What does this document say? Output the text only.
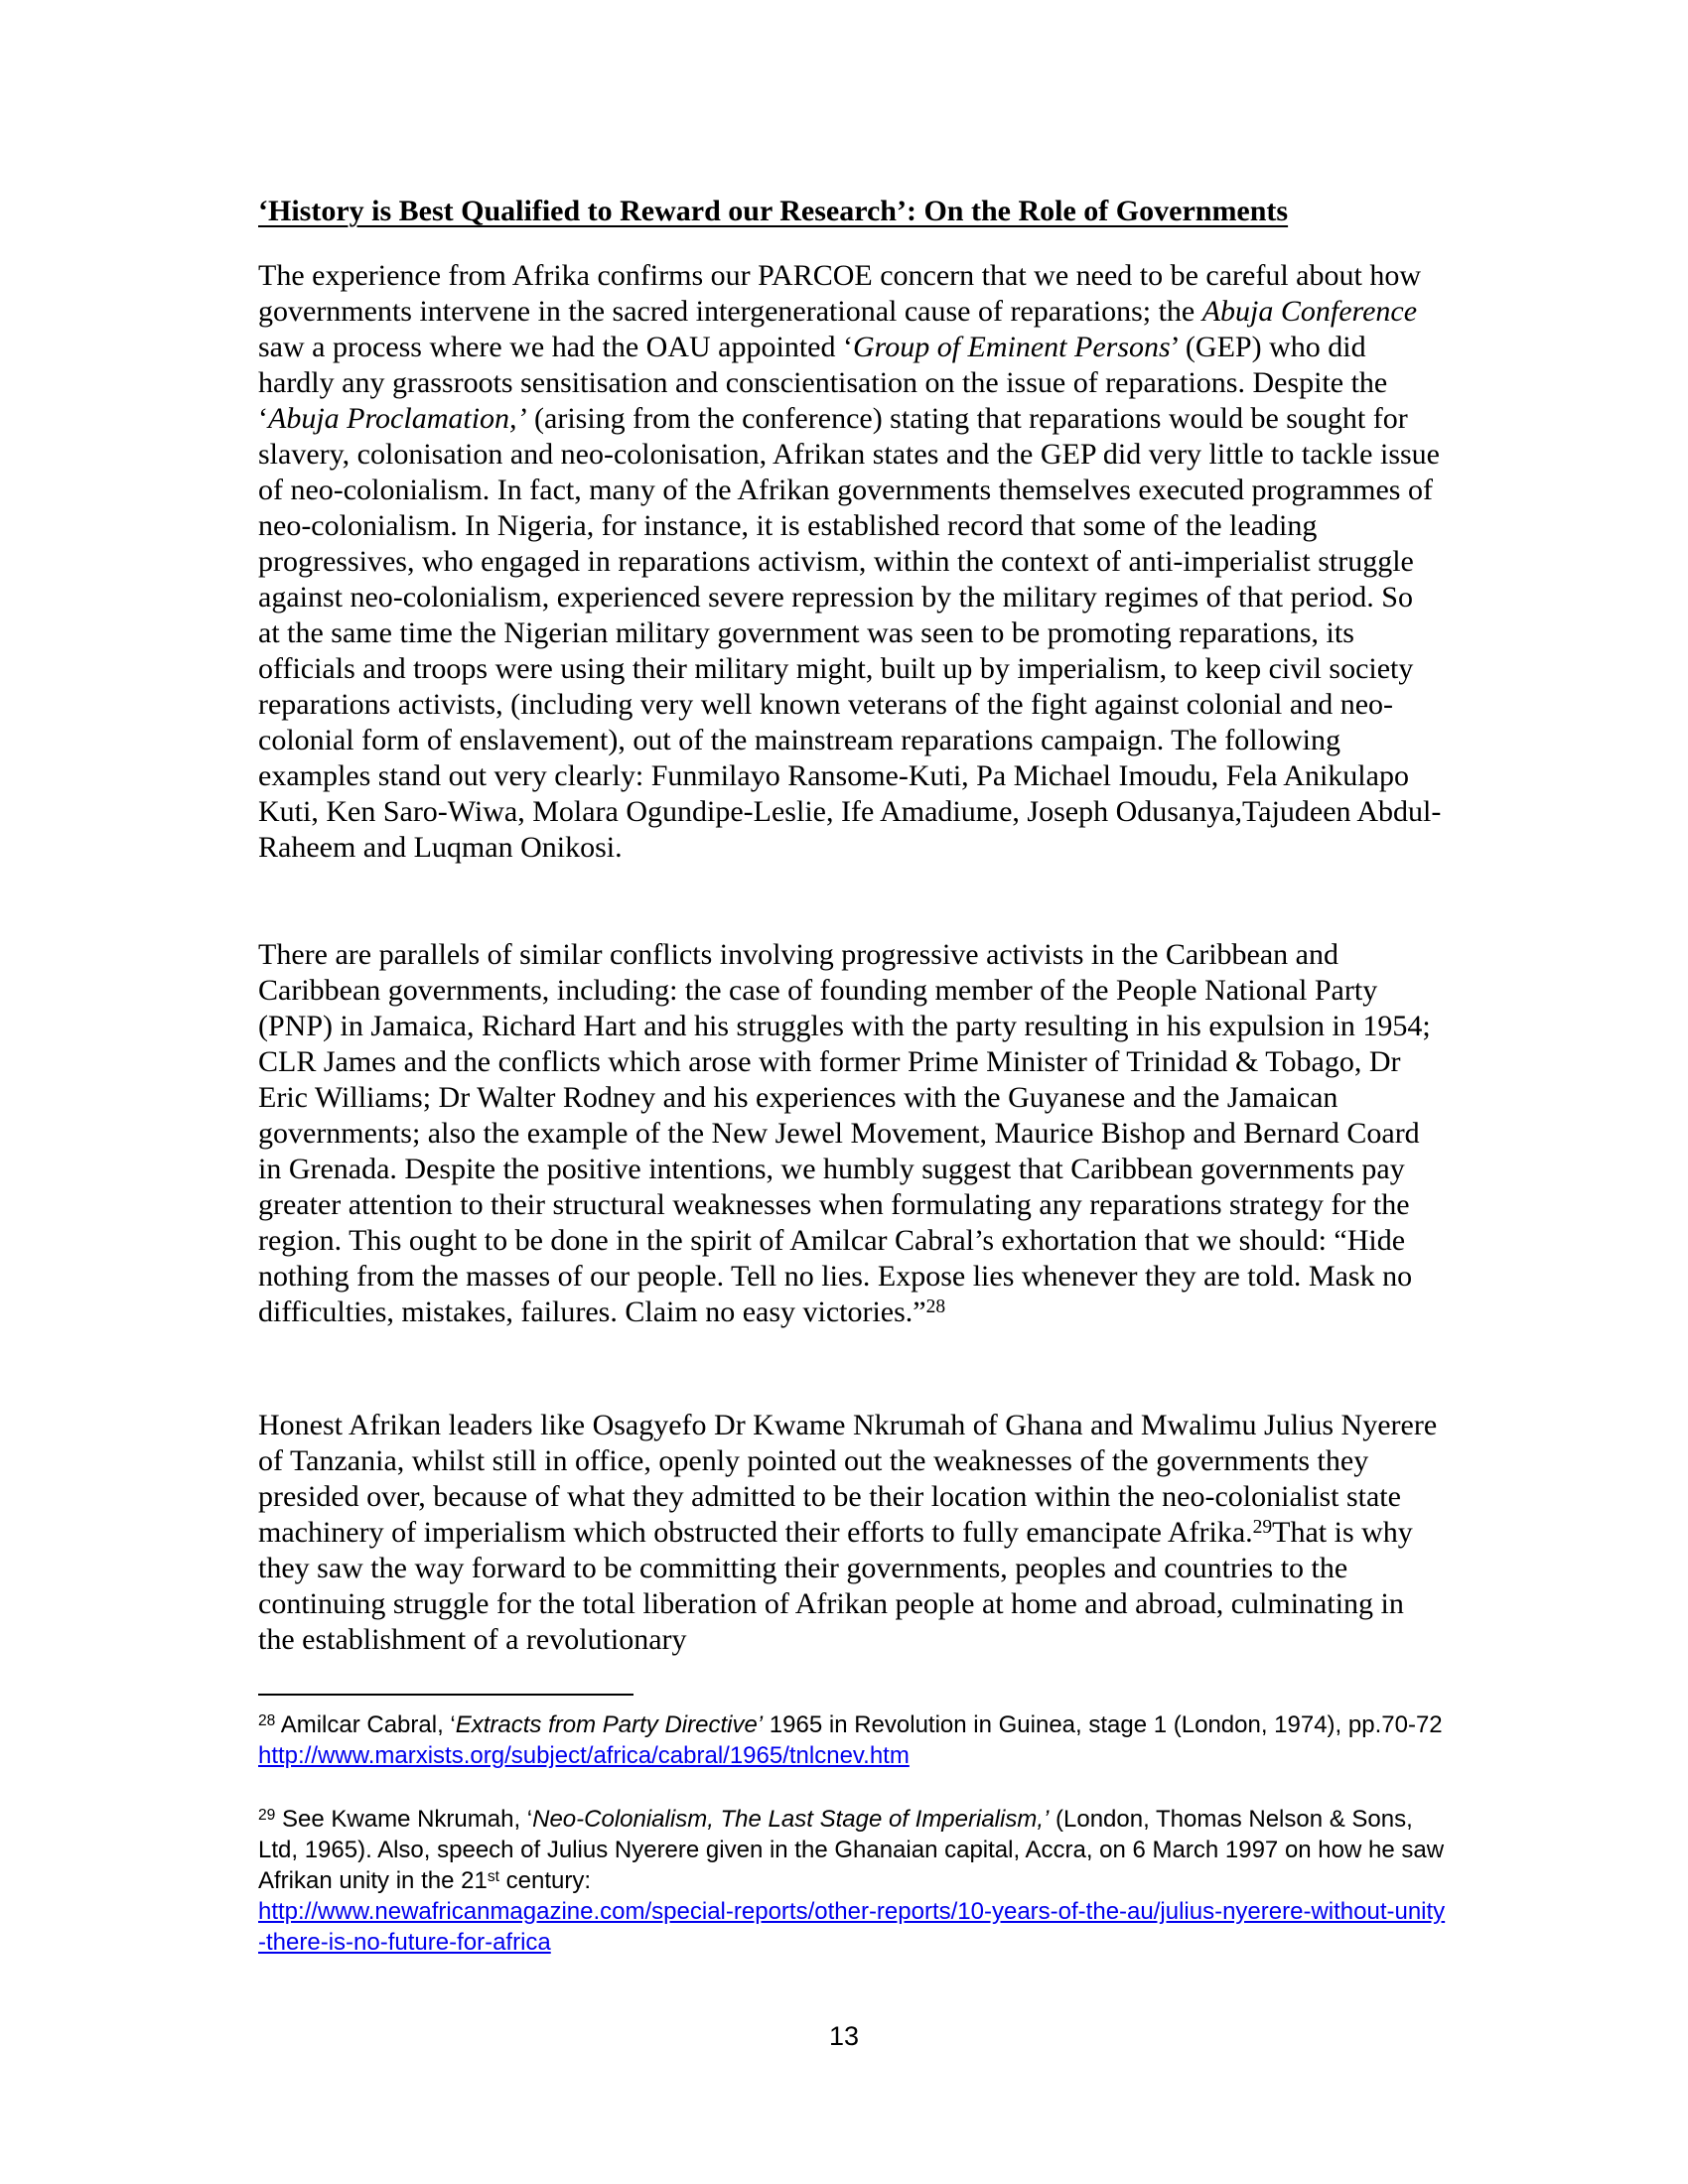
‘History is Best Qualified to Reward our Research’: On the Role of Governments

The experience from Afrika confirms our PARCOE concern that we need to be careful about how governments intervene in the sacred intergenerational cause of reparations; the Abuja Conference saw a process where we had the OAU appointed ‘Group of Eminent Persons’ (GEP) who did hardly any grassroots sensitisation and conscientisation on the issue of reparations. Despite the ‘Abuja Proclamation,’ (arising from the conference) stating that reparations would be sought for slavery, colonisation and neo-colonisation, Afrikan states and the GEP did very little to tackle issue of neo-colonialism. In fact, many of the Afrikan governments themselves executed programmes of neo-colonialism. In Nigeria, for instance, it is established record that some of the leading progressives, who engaged in reparations activism, within the context of anti-imperialist struggle against neo-colonialism, experienced severe repression by the military regimes of that period. So at the same time the Nigerian military government was seen to be promoting reparations, its officials and troops were using their military might, built up by imperialism, to keep civil society reparations activists, (including very well known veterans of the fight against colonial and neo-colonial form of enslavement), out of the mainstream reparations campaign. The following examples stand out very clearly: Funmilayo Ransome-Kuti, Pa Michael Imoudu, Fela Anikulapo Kuti, Ken Saro-Wiwa, Molara Ogundipe-Leslie, Ife Amadiume, Joseph Odusanya,Tajudeen Abdul-Raheem and Luqman Onikosi.

There are parallels of similar conflicts involving progressive activists in the Caribbean and Caribbean governments, including: the case of founding member of the People National Party (PNP) in Jamaica, Richard Hart and his struggles with the party resulting in his expulsion in 1954; CLR James and the conflicts which arose with former Prime Minister of Trinidad & Tobago, Dr Eric Williams; Dr Walter Rodney and his experiences with the Guyanese and the Jamaican governments; also the example of the New Jewel Movement, Maurice Bishop and Bernard Coard in Grenada. Despite the positive intentions, we humbly suggest that Caribbean governments pay greater attention to their structural weaknesses when formulating any reparations strategy for the region. This ought to be done in the spirit of Amilcar Cabral’s exhortation that we should: “Hide nothing from the masses of our people. Tell no lies. Expose lies whenever they are told. Mask no difficulties, mistakes, failures. Claim no easy victories.”$^{28}$

Honest Afrikan leaders like Osagyefo Dr Kwame Nkrumah of Ghana and Mwalimu Julius Nyerere of Tanzania, whilst still in office, openly pointed out the weaknesses of the governments they presided over, because of what they admitted to be their location within the neo-colonialist state machinery of imperialism which obstructed their efforts to fully emancipate Afrika.$^{29}$That is why they saw the way forward to be committing their governments, peoples and countries to the continuing struggle for the total liberation of Afrikan people at home and abroad, culminating in the establishment of a revolutionary

$^{28}$ Amilcar Cabral, ‘Extracts from Party Directive’ 1965 in Revolution in Guinea, stage 1 (London, 1974), pp.70-72
http://www.marxists.org/subject/africa/cabral/1965/tnlcnev.htm
$^{29}$ See Kwame Nkrumah, ‘Neo-Colonialism, The Last Stage of Imperialism,’ (London, Thomas Nelson & Sons, Ltd, 1965). Also, speech of Julius Nyerere given in the Ghanaian capital, Accra, on 6 March 1997 on how he saw Afrikan unity in the 21st century:
http://www.newafricanmagazine.com/special-reports/other-reports/10-years-of-the-au/julius-nyerere-without-unity-there-is-no-future-for-africa
13
